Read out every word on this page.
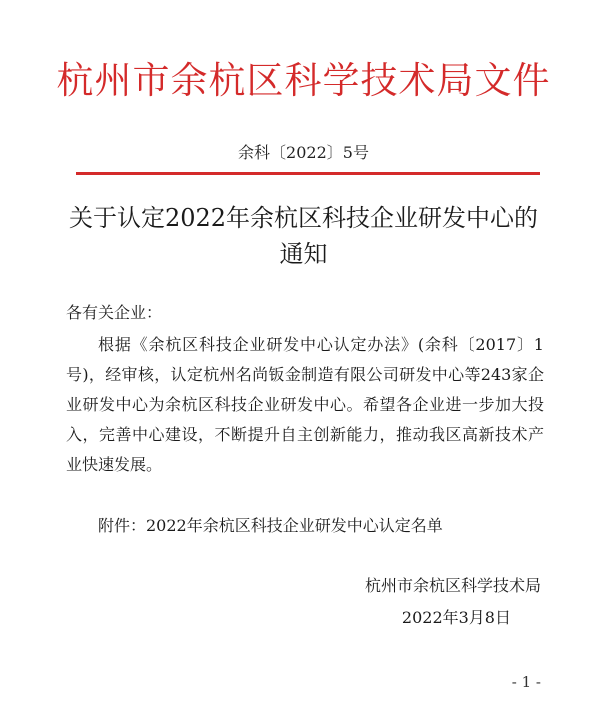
杭州市余杭区科学技术局文件
余科〔2022〕5号
关于认定2022年余杭区科技企业研发中心的
通知
各有关企业：

根据《余杭区科技企业研发中心认定办法》(余科〔2017〕1号)，经审核，认定杭州名尚钣金制造有限公司研发中心等243家企业研发中心为余杭区科技企业研发中心。希望各企业进一步加大投入，完善中心建设，不断提升自主创新能力，推动我区高新技术产业快速发展。

附件：2022年余杭区科技企业研发中心认定名单
杭州市余杭区科学技术局
2022年3月8日
- 1 -
